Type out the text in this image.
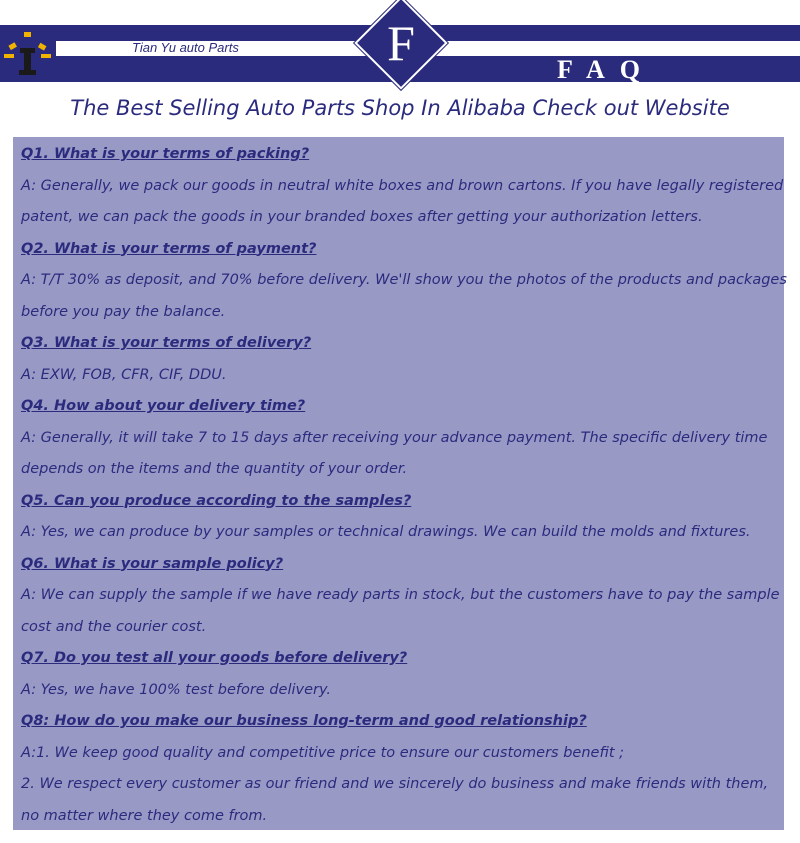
Tian Yu auto Parts	F	FAQ
The Best Selling Auto Parts Shop In Alibaba Check out Website
Q1. What is your terms of packing?
A: Generally, we pack our goods in neutral white boxes and brown cartons. If you have legally registered
patent, we can pack the goods in your branded boxes after getting your authorization letters.
Q2. What is your terms of payment?
A: T/T 30% as deposit, and 70% before delivery. We'll show you the photos of the products and packages
before you pay the balance.
Q3. What is your terms of delivery?
A: EXW, FOB, CFR, CIF, DDU.
Q4. How about your delivery time?
A: Generally, it will take 7 to 15 days after receiving your advance payment. The specific delivery time
depends on the items and the quantity of your order.
Q5. Can you produce according to the samples?
A: Yes, we can produce by your samples or technical drawings. We can build the molds and fixtures.
Q6. What is your sample policy?
A: We can supply the sample if we have ready parts in stock, but the customers have to pay the sample
cost and the courier cost.
Q7. Do you test all your goods before delivery?
A: Yes, we have 100% test before delivery.
Q8: How do you make our business long-term and good relationship?
A:1. We keep good quality and competitive price to ensure our customers benefit ;
2. We respect every customer as our friend and we sincerely do business and make friends with them,
no matter where they come from.
